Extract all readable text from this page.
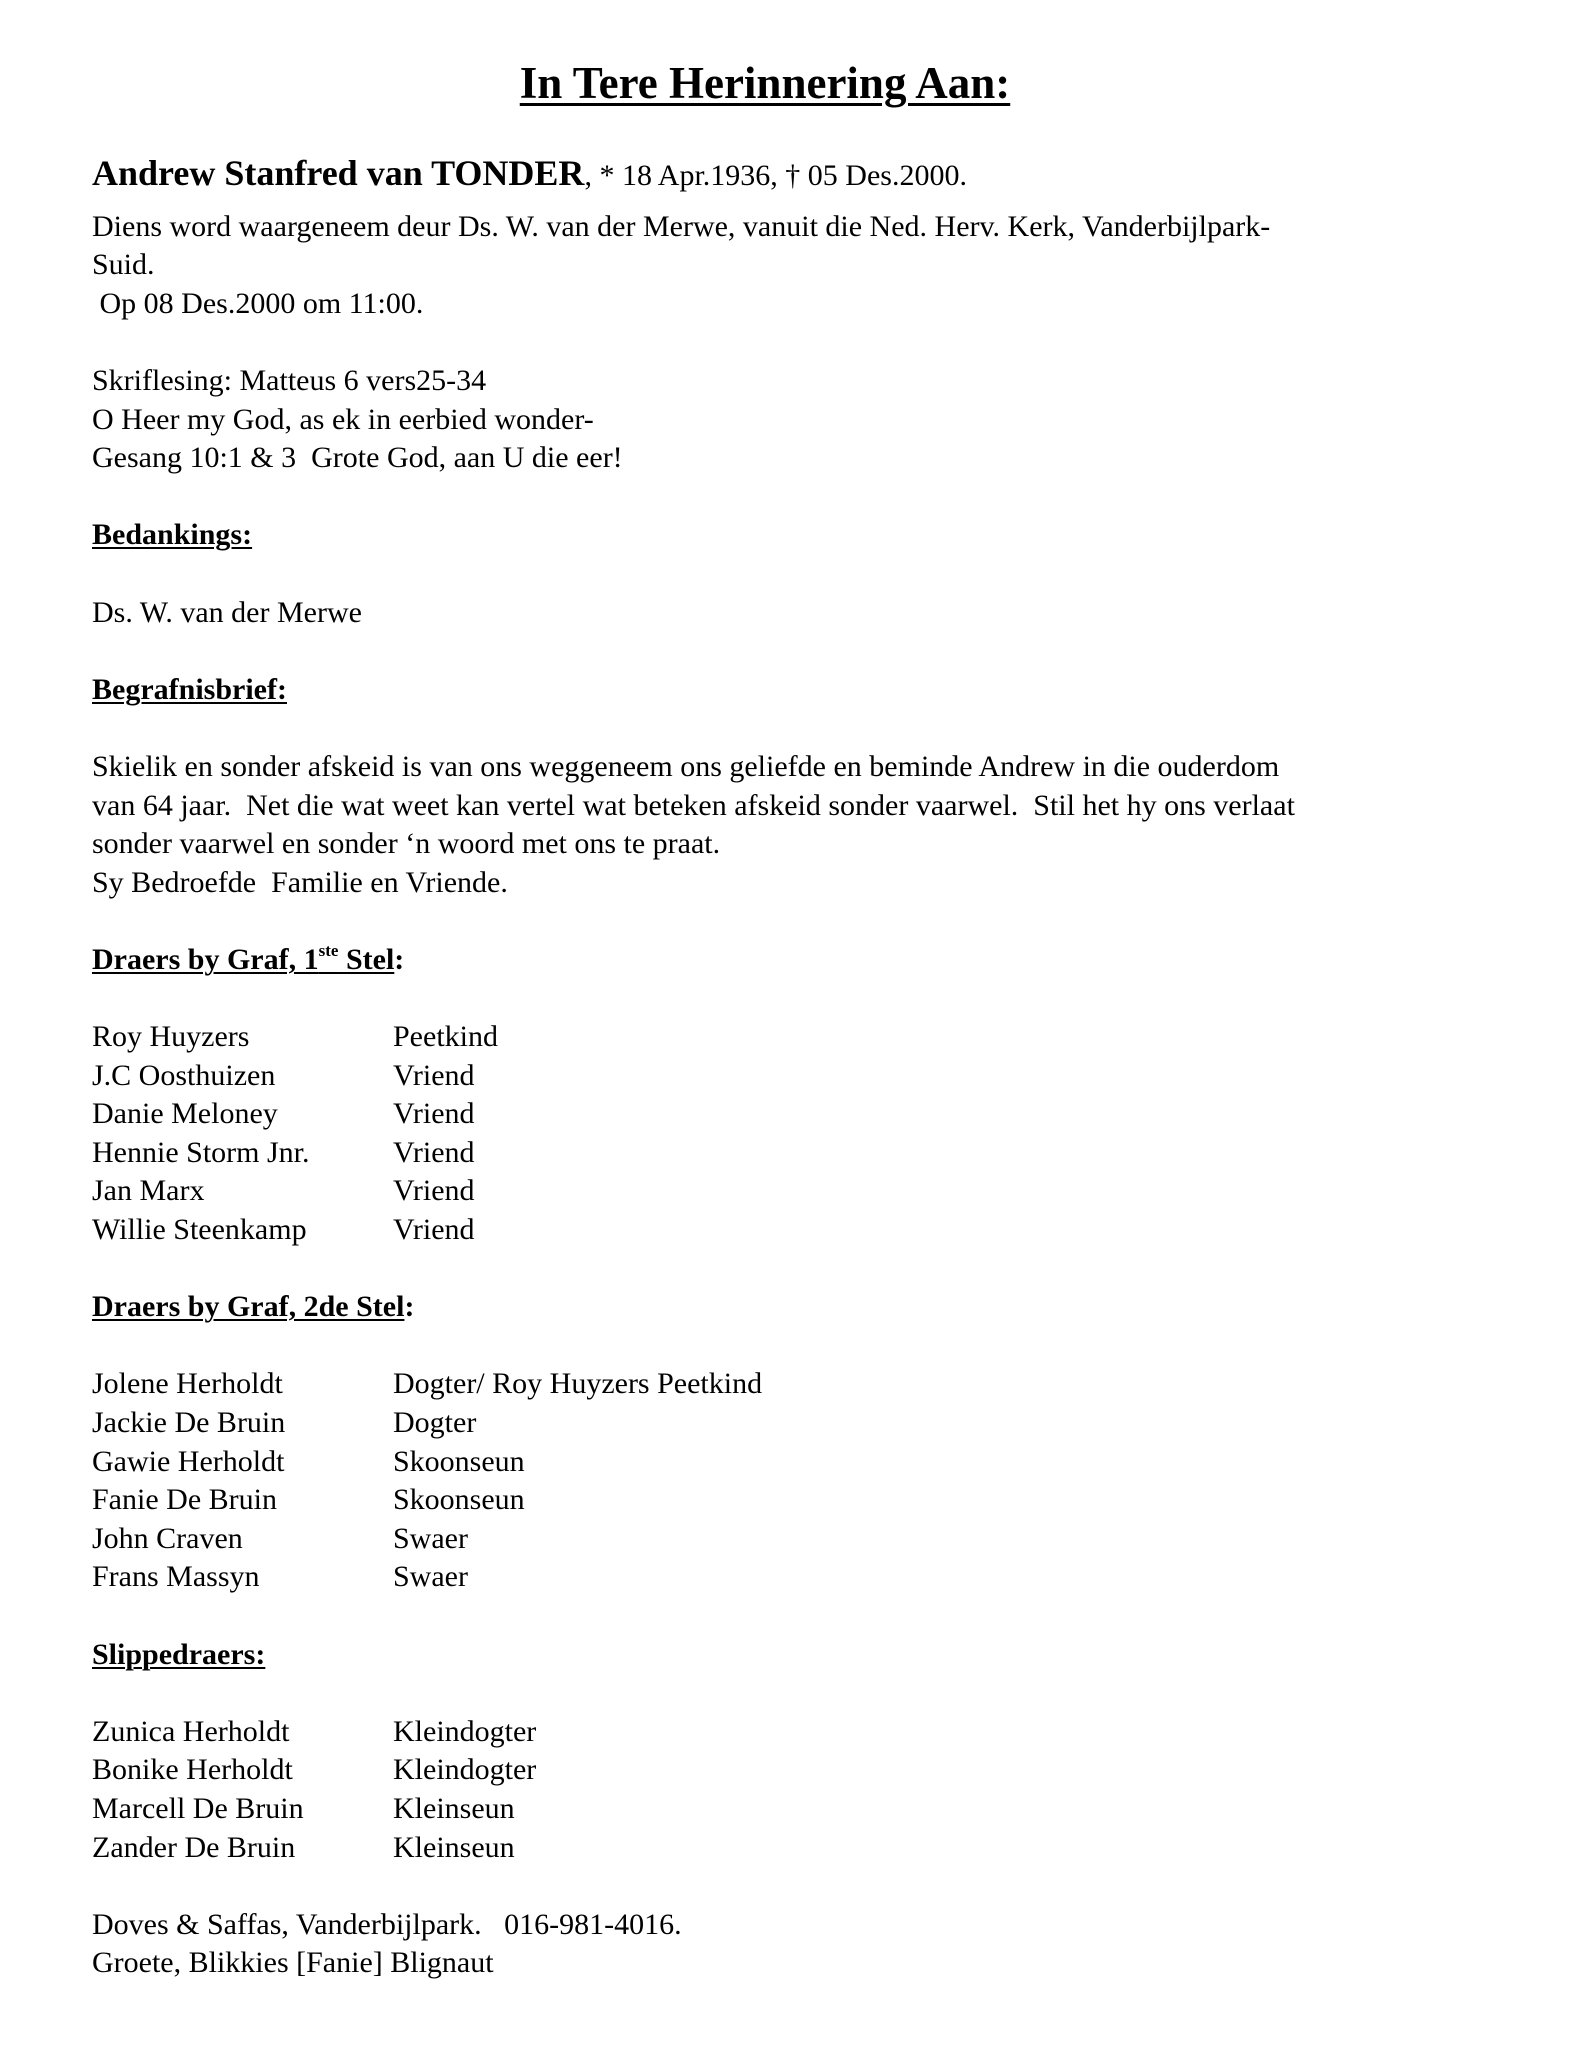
In Tere Herinnering Aan:
Andrew Stanfred van TONDER, * 18 Apr.1936, † 05 Des.2000.
Diens word waargeneem deur Ds. W. van der Merwe, vanuit die Ned. Herv. Kerk, Vanderbijlpark-
Suid.
Op 08 Des.2000 om 11:00.
Skriflesing: Matteus 6 vers25-34
O Heer my God, as ek in eerbied wonder-
Gesang 10:1 & 3  Grote God, aan U die eer!
Bedankings:
Ds. W. van der Merwe
Begrafnisbrief:
Skielik en sonder afskeid is van ons weggeneem ons geliefde en beminde Andrew in die ouderdom
van 64 jaar.  Net die wat weet kan vertel wat beteken afskeid sonder vaarwel.  Stil het hy ons verlaat
sonder vaarwel en sonder ‘n woord met ons te praat.
Sy Bedroefde  Familie en Vriende.
Draers by Graf, 1ste Stel:
Roy Huyzers	Peetkind
J.C Oosthuizen	Vriend
Danie Meloney	Vriend
Hennie Storm Jnr.	Vriend
Jan Marx	Vriend
Willie Steenkamp	Vriend
Draers by Graf, 2de Stel:
Jolene Herholdt	Dogter/ Roy Huyzers Peetkind
Jackie De Bruin	Dogter
Gawie Herholdt	Skoonseun
Fanie De Bruin	Skoonseun
John Craven	Swaer
Frans Massyn	Swaer
Slippedraers:
Zunica Herholdt	Kleindogter
Bonike Herholdt	Kleindogter
Marcell De Bruin	Kleinseun
Zander De Bruin	Kleinseun
Doves & Saffas, Vanderbijlpark.   016-981-4016.
Groete, Blikkies [Fanie] Blignaut
